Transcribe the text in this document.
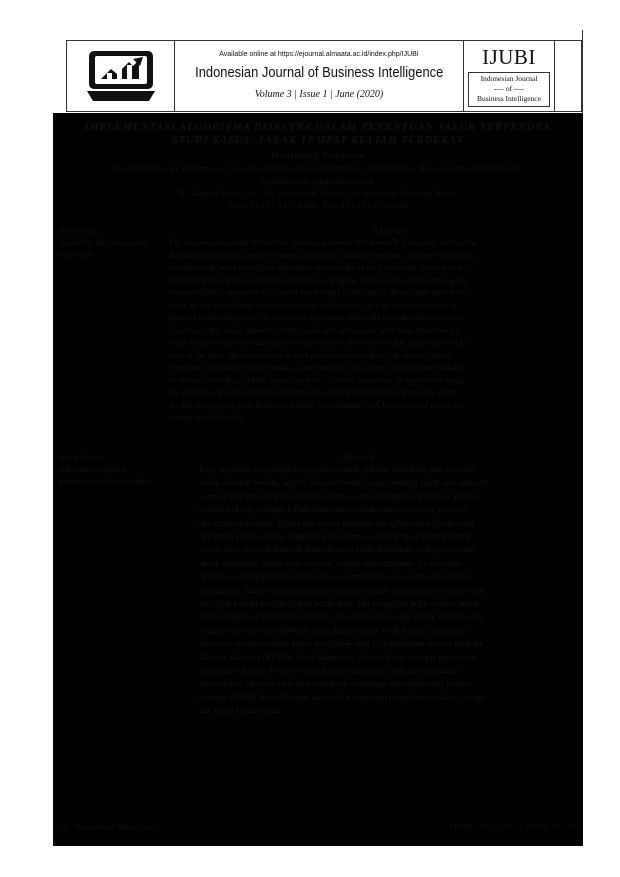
Available online at https://ejournal.almaata.ac.id/index.php/IJUBI
Indonesian Journal of Business Intelligence
Volume 3 | Issue 1 | June (2020)
IJUBI
Indonesian Journal
---- of ----
Business Intelligence
IMPLEMENTASI ALGORITMA DIJKSTRA DALAM PENENTUAN JALUR TERPENDEK
STUDI KASUS: JARAK TEMPAT KULIAH TERDEKAT
Muhammad Muharrom
Prodi Teknologi Informasi, Fakultas Teknik dan Informatika, Universitas Bina Sarana Informatika,
muhammad.muu@bsi.ac.id
Jl. Kamal Raya No. 18, Ringroad Barat, Cengkareng, Jakarta Barat
Telp. (021) 54376399, fax. (021) 54376298
Keywords:
Algoritma Dijkstra, jarak terpendek
Abstract
For anyone who wants to travel to Jakarta, wherever her domicile is located, such as the
Bekasi area which is one of the areas close to the Jakarta province, whether traveling to
Jakarta about work or college must know which route is the fastest and shortest to go
through and as much as possible perhaps avoiding the region with severe traffic jams,
because traffic congestion in Jakarta has become a daily sight. Many steps have been
taken by the government to overcome these bottlenecks, such as the construction of
flyovers and underpasses, the operation of busway lanes, the implementation of clock
fees in one and so on. However, traffic jams still often occur until now, therefore we
need the active role of road users themselves to be able to overcome these bottlenecks.
One of the most effective ways is to look for alternative routes that can be passed.
Therefore, the author tries to make a case study of a trip from Ujungharapan-Bekasi
to Menara Salemba (STMIK Nusa Mandiri) - Central Jakarta as an experiment using
the method using the Dijkstra algorithm that can find the fastest and shortest paths.
So that the journey from Bekasi to STMIK Nusa Mandiri will be faster and save time,
energy and fuel costs.
Kata Kunci:
Algoritma Dijkstra, penentuan jarak terpendek
Abstrak
Bagi siapapun yang ingin bepergian menuju jakarta, darimana pun domisili
orang tersebut berada, seperti wilayah bekasi yang memang salah satu wilayah
yang berdekatan dengan provinsi Jakarta, entah bepergian menuju ke jakarta
perihal bekerja ataupun kuliah harus mengetahui rute mana yang tercepat
dan terpendek untuk dilalui dan sebisa mungkin menghindari wilayah yang
macetnya parah, karena kemacetan di Jakarta sudah menjadi pemandangan
sehari-hari. Banyak langkah-langkah yang telah dilakukan oleh pemerintah
untuk mengatasi kemacetan tersebut, seperti pembangunan fly over dan
underpass, pengoperasian jalur busway, pemberlakuan jam tree in one dan
sebagainya. Akan tetapi kemacetan tetap saja masih sering terjadi sampai saat
ini, Oleh karena itu diperlukan peran aktif dari pengguna jalan sendiri untuk
dapat mengatasi kemacetan tersebut. Salah satu cara yang paling efektif yaitu
dengan mencari rute alternatif yang dapat dilalui. Oleh karena itu penulis
mencoba membuat study kasus perjalanan dari Ujungharapan-Bekasi menuju
Menara Salemba (STMIK Nusa Mandiri) - Jakarta Pusat sebagai percobaan
penerapan metode dengan menggunakan algoritma Dijkstra yang dapat
menemukan jalur tercepat dan terpendek. Sehingga perjalanan dari Bekasi
menuju STMIK Nusa Mandiri akan lebih cepat dan menghemat waktu, tenaga
dan biaya bahan bakar.
25 "Muhammad Muharrom"	IJUBI - Vol. 3 No. 1 (2020) 25 - 30
